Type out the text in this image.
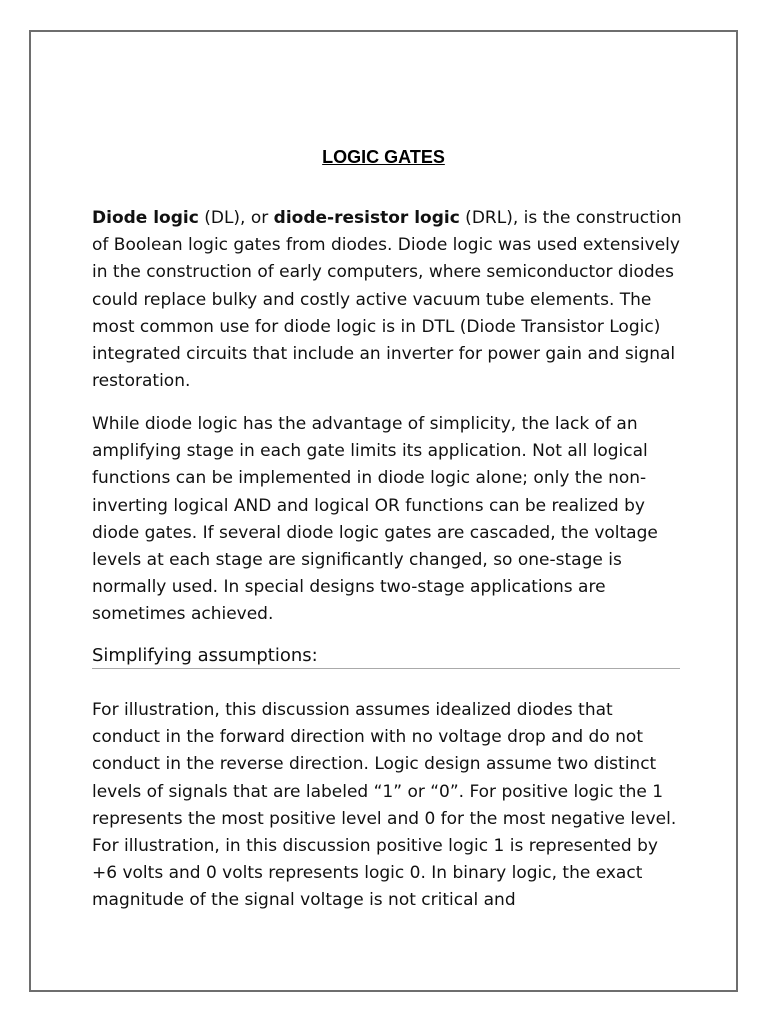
LOGIC GATES

Diode logic (DL), or diode-resistor logic (DRL), is the construction of Boolean logic gates from diodes. Diode logic was used extensively in the construction of early computers, where semiconductor diodes could replace bulky and costly active vacuum tube elements. The most common use for diode logic is in DTL (Diode Transistor Logic) integrated circuits that include an inverter for power gain and signal restoration.

While diode logic has the advantage of simplicity, the lack of an amplifying stage in each gate limits its application. Not all logical functions can be implemented in diode logic alone; only the non-inverting logical AND and logical OR functions can be realized by diode gates. If several diode logic gates are cascaded, the voltage levels at each stage are significantly changed, so one-stage is normally used. In special designs two-stage applications are sometimes achieved.

Simplifying assumptions:

For illustration, this discussion assumes idealized diodes that conduct in the forward direction with no voltage drop and do not conduct in the reverse direction. Logic design assume two distinct levels of signals that are labeled “1” or “0”. For positive logic the 1 represents the most positive level and 0 for the most negative level. For illustration, in this discussion positive logic 1 is represented by +6 volts and 0 volts represents logic 0. In binary logic, the exact magnitude of the signal voltage is not critical and
